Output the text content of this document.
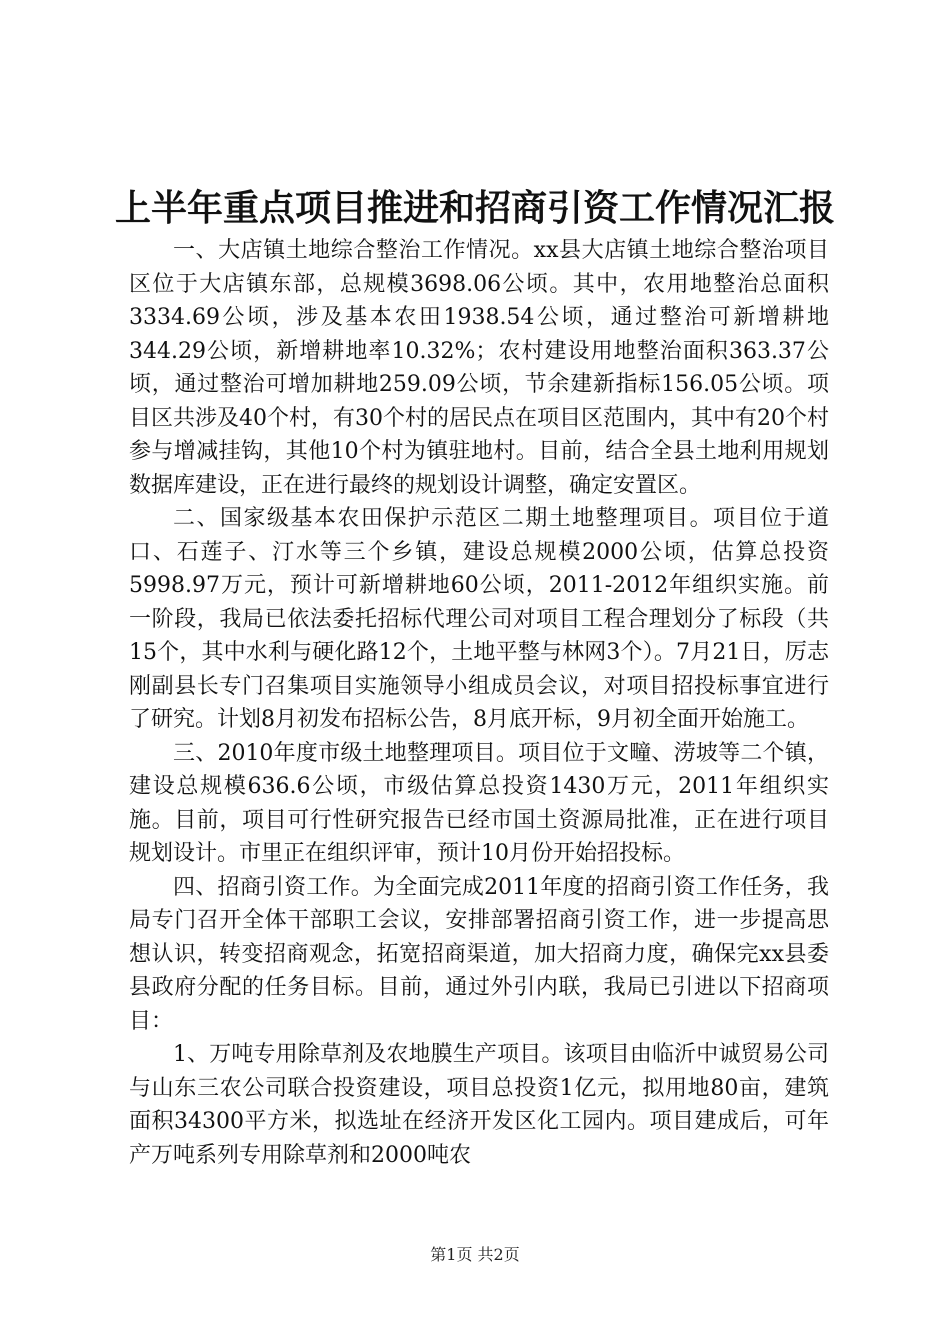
上半年重点项目推进和招商引资工作情况汇报

一、大店镇土地综合整治工作情况。xx县大店镇土地综合整治项目区位于大店镇东部，总规模3698.06公顷。其中，农用地整治总面积3334.69公顷，涉及基本农田1938.54公顷，通过整治可新增耕地344.29公顷，新增耕地率10.32%；农村建设用地整治面积363.37公顷，通过整治可增加耕地259.09公顷，节余建新指标156.05公顷。项目区共涉及40个村，有30个村的居民点在项目区范围内，其中有20个村参与增减挂钩，其他10个村为镇驻地村。目前，结合全县土地利用规划数据库建设，正在进行最终的规划设计调整，确定安置区。

二、国家级基本农田保护示范区二期土地整理项目。项目位于道口、石莲子、汀水等三个乡镇，建设总规模2000公顷，估算总投资5998.97万元，预计可新增耕地60公顷，2011-2012年组织实施。前一阶段，我局已依法委托招标代理公司对项目工程合理划分了标段（共15个，其中水利与硬化路12个，土地平整与林网3个）。7月21日，厉志刚副县长专门召集项目实施领导小组成员会议，对项目招投标事宜进行了研究。计划8月初发布招标公告，8月底开标，9月初全面开始施工。

三、2010年度市级土地整理项目。项目位于文疃、涝坡等二个镇，建设总规模636.6公顷，市级估算总投资1430万元，2011年组织实施。目前，项目可行性研究报告已经市国土资源局批准，正在进行项目规划设计。市里正在组织评审，预计10月份开始招投标。

四、招商引资工作。为全面完成2011年度的招商引资工作任务，我局专门召开全体干部职工会议，安排部署招商引资工作，进一步提高思想认识，转变招商观念，拓宽招商渠道，加大招商力度，确保完xx县委县政府分配的任务目标。目前，通过外引内联，我局已引进以下招商项目：

1、万吨专用除草剂及农地膜生产项目。该项目由临沂中诚贸易公司与山东三农公司联合投资建设，项目总投资1亿元，拟用地80亩，建筑面积34300平方米，拟选址在经济开发区化工园内。项目建成后，可年产万吨系列专用除草剂和2000吨农

第1页 共2页
